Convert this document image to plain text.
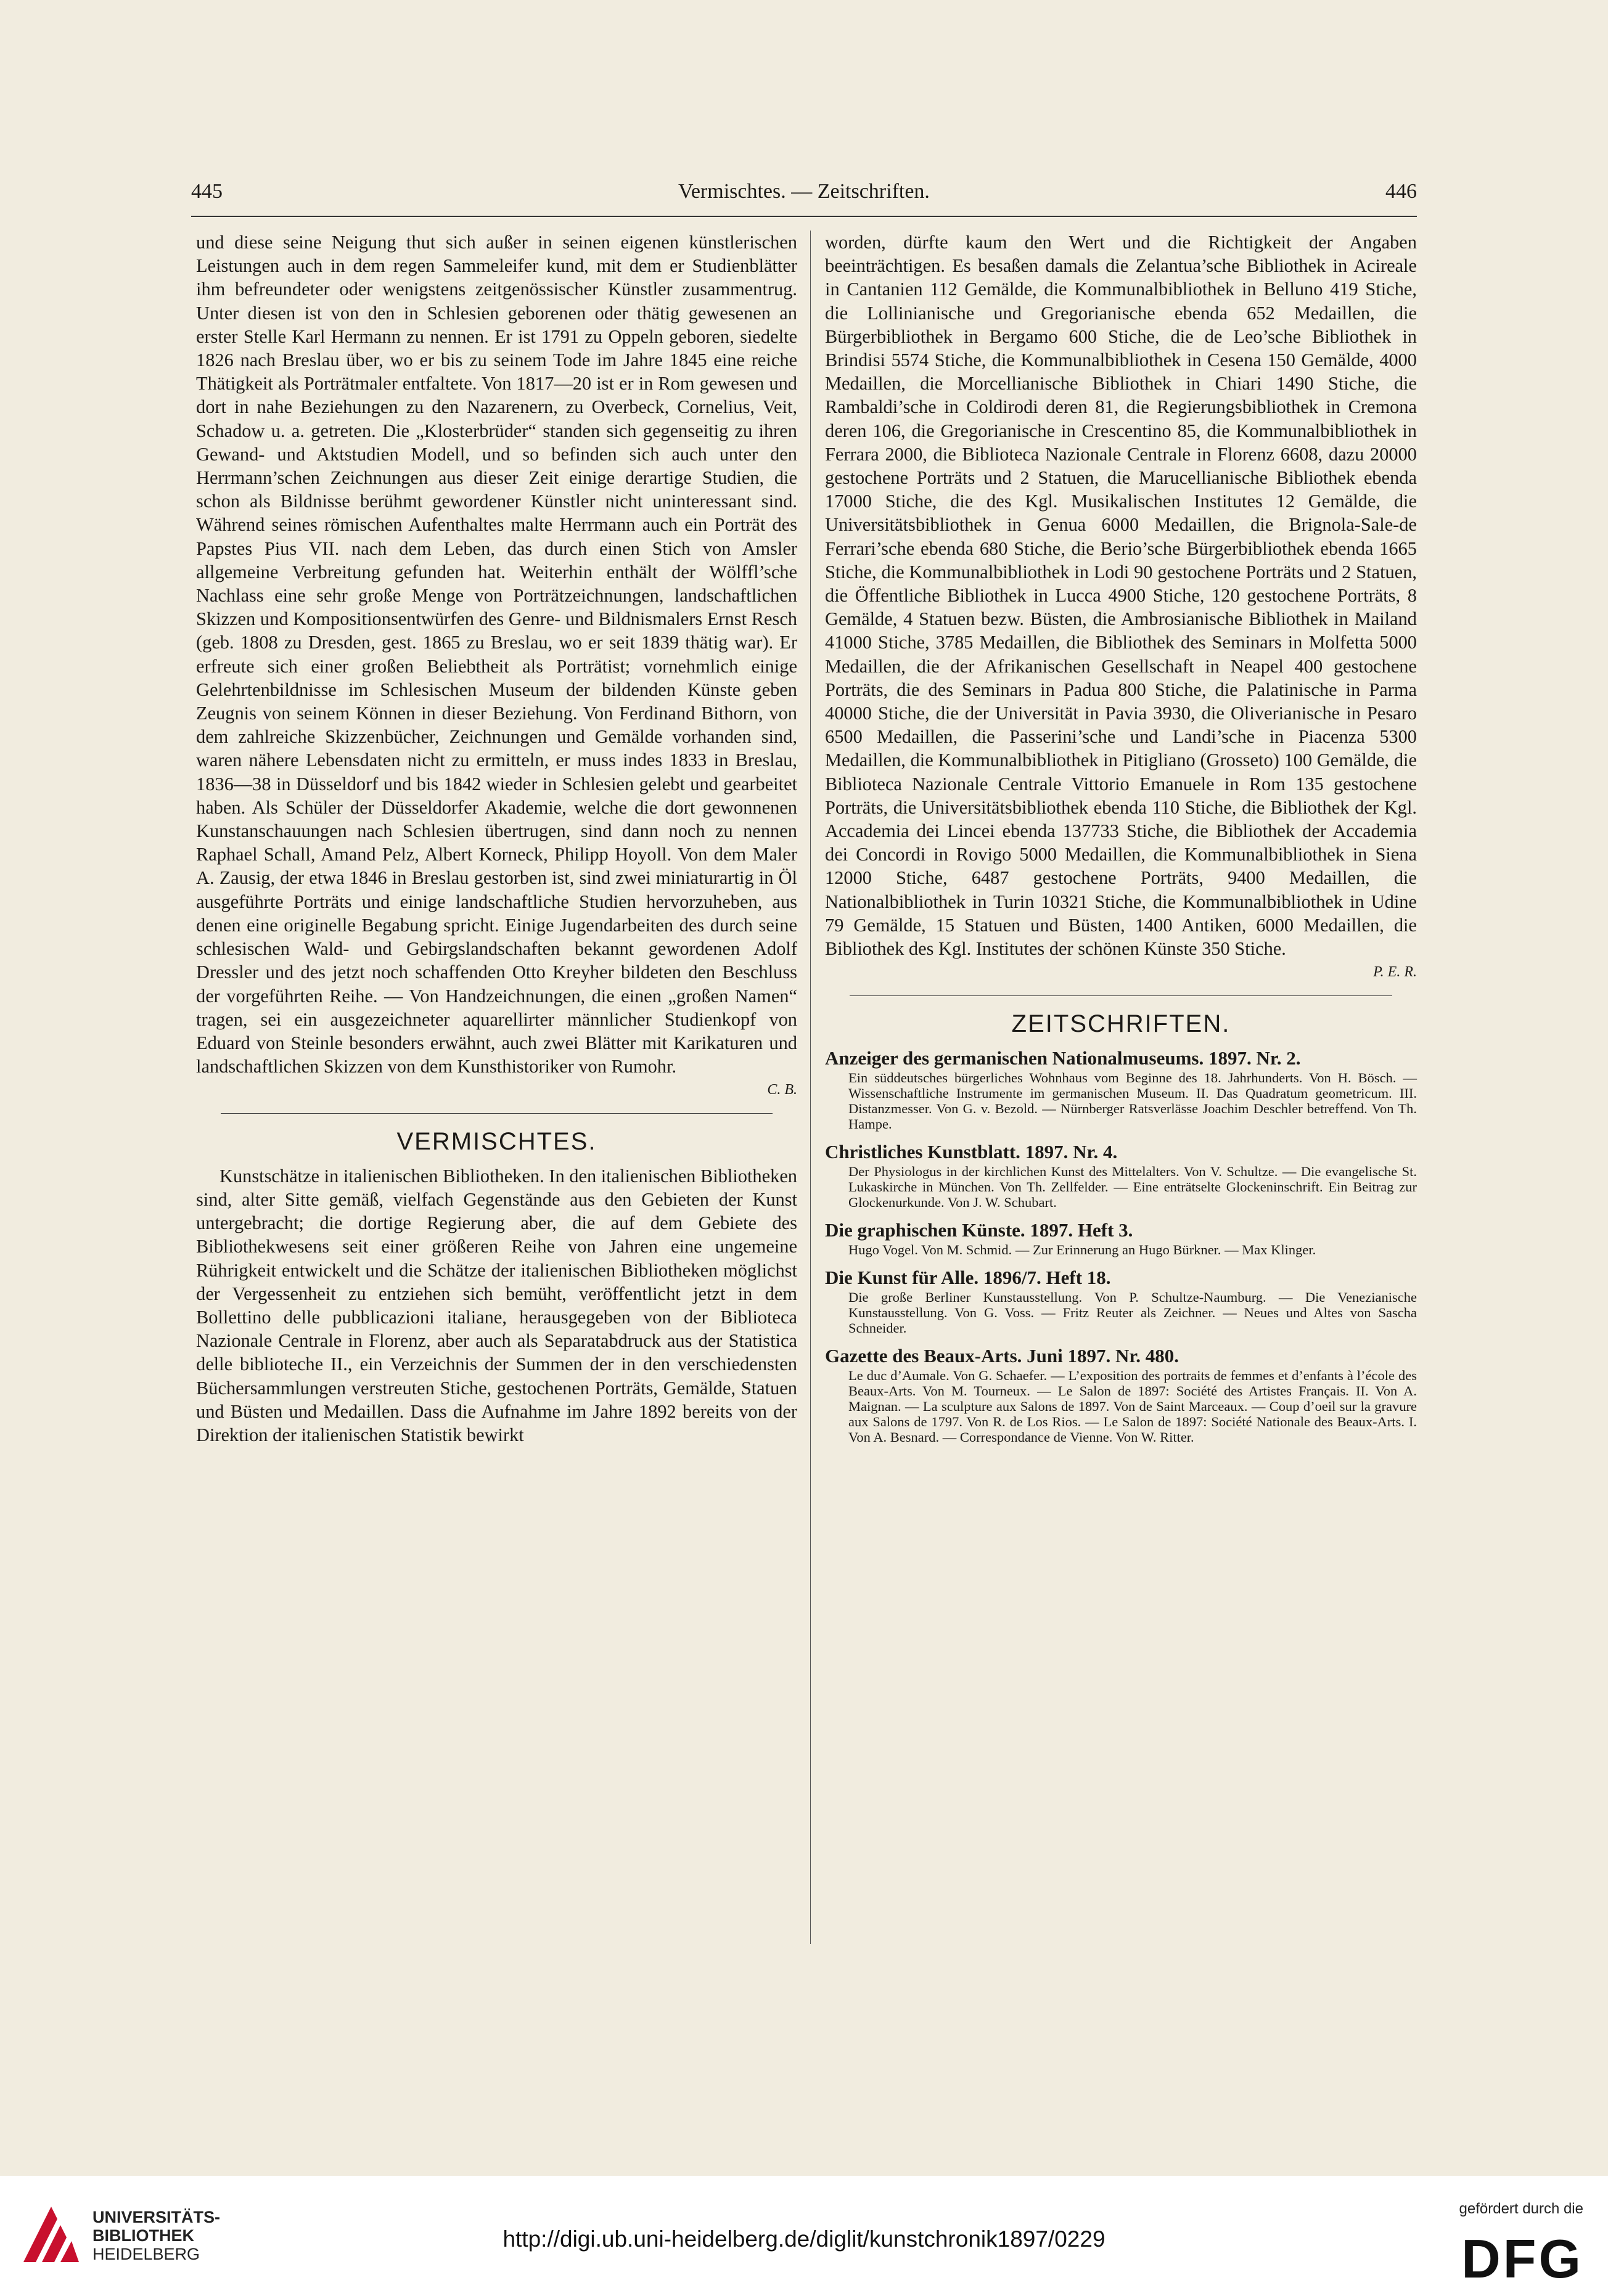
445	Vermischtes. — Zeitschriften.	446

und diese seine Neigung thut sich außer in seinen eigenen künstlerischen Leistungen auch in dem regen Sammeleifer kund, mit dem er Studienblätter ihm befreundeter oder wenigstens zeitgenössischer Künstler zusammentrug. Unter diesen ist von den in Schlesien geborenen oder thätig gewesenen an erster Stelle Karl Hermann zu nennen. Er ist 1791 zu Oppeln geboren, siedelte 1826 nach Breslau über, wo er bis zu seinem Tode im Jahre 1845 eine reiche Thätigkeit als Porträtmaler entfaltete. Von 1817—20 ist er in Rom gewesen und dort in nahe Beziehungen zu den Nazarenern, zu Overbeck, Cornelius, Veit, Schadow u. a. getreten. Die „Klosterbrüder“ standen sich gegenseitig zu ihren Gewand- und Aktstudien Modell, und so befinden sich auch unter den Herrmann’schen Zeichnungen aus dieser Zeit einige derartige Studien, die schon als Bildnisse berühmt gewordener Künstler nicht uninteressant sind. Während seines römischen Aufenthaltes malte Herrmann auch ein Porträt des Papstes Pius VII. nach dem Leben, das durch einen Stich von Amsler allgemeine Verbreitung gefunden hat. Weiterhin enthält der Wölffl’sche Nachlass eine sehr große Menge von Porträtzeichnungen, landschaftlichen Skizzen und Kompositionsentwürfen des Genre- und Bildnismalers Ernst Resch (geb. 1808 zu Dresden, gest. 1865 zu Breslau, wo er seit 1839 thätig war). Er erfreute sich einer großen Beliebtheit als Porträtist; vornehmlich einige Gelehrtenbildnisse im Schlesischen Museum der bildenden Künste geben Zeugnis von seinem Können in dieser Beziehung. Von Ferdinand Bithorn, von dem zahlreiche Skizzenbücher, Zeichnungen und Gemälde vorhanden sind, waren nähere Lebensdaten nicht zu ermitteln, er muss indes 1833 in Breslau, 1836—38 in Düsseldorf und bis 1842 wieder in Schlesien gelebt und gearbeitet haben. Als Schüler der Düsseldorfer Akademie, welche die dort gewonnenen Kunstanschauungen nach Schlesien übertrugen, sind dann noch zu nennen Raphael Schall, Amand Pelz, Albert Korneck, Philipp Hoyoll. Von dem Maler A. Zausig, der etwa 1846 in Breslau gestorben ist, sind zwei miniaturartig in Öl ausgeführte Porträts und einige landschaftliche Studien hervorzuheben, aus denen eine originelle Begabung spricht. Einige Jugendarbeiten des durch seine schlesischen Wald- und Gebirgslandschaften bekannt gewordenen Adolf Dressler und des jetzt noch schaffenden Otto Kreyher bildeten den Beschluss der vorgeführten Reihe. — Von Handzeichnungen, die einen „großen Namen“ tragen, sei ein ausgezeichneter aquarellirter männlicher Studienkopf von Eduard von Steinle besonders erwähnt, auch zwei Blätter mit Karikaturen und landschaftlichen Skizzen von dem Kunsthistoriker von Rumohr.

C. B.
VERMISCHTES.

Kunstschätze in italienischen Bibliotheken. In den italienischen Bibliotheken sind, alter Sitte gemäß, vielfach Gegenstände aus den Gebieten der Kunst untergebracht; die dortige Regierung aber, die auf dem Gebiete des Bibliothekwesens seit einer größeren Reihe von Jahren eine ungemeine Rührigkeit entwickelt und die Schätze der italienischen Bibliotheken möglichst der Vergessenheit zu entziehen sich bemüht, veröffentlicht jetzt in dem Bollettino delle pubblicazioni italiane, herausgegeben von der Biblioteca Nazionale Centrale in Florenz, aber auch als Separatabdruck aus der Statistica delle biblioteche II., ein Verzeichnis der Summen der in den verschiedensten Büchersammlungen verstreuten Stiche, gestochenen Porträts, Gemälde, Statuen und Büsten und Medaillen. Dass die Aufnahme im Jahre 1892 bereits von der Direktion der italienischen Statistik bewirkt

worden, dürfte kaum den Wert und die Richtigkeit der Angaben beeinträchtigen. Es besaßen damals die Zelantua’sche Bibliothek in Acireale in Cantanien 112 Gemälde, die Kommunalbibliothek in Belluno 419 Stiche, die Lollinianische und Gregorianische ebenda 652 Medaillen, die Bürgerbibliothek in Bergamo 600 Stiche, die de Leo’sche Bibliothek in Brindisi 5574 Stiche, die Kommunalbibliothek in Cesena 150 Gemälde, 4000 Medaillen, die Morcellianische Bibliothek in Chiari 1490 Stiche, die Rambaldi’sche in Coldirodi deren 81, die Regierungsbibliothek in Cremona deren 106, die Gregorianische in Crescentino 85, die Kommunalbibliothek in Ferrara 2000, die Biblioteca Nazionale Centrale in Florenz 6608, dazu 20000 gestochene Porträts und 2 Statuen, die Marucellianische Bibliothek ebenda 17000 Stiche, die des Kgl. Musikalischen Institutes 12 Gemälde, die Universitätsbibliothek in Genua 6000 Medaillen, die Brignola-Sale-de Ferrari’sche ebenda 680 Stiche, die Berio’sche Bürgerbibliothek ebenda 1665 Stiche, die Kommunalbibliothek in Lodi 90 gestochene Porträts und 2 Statuen, die Öffentliche Bibliothek in Lucca 4900 Stiche, 120 gestochene Porträts, 8 Gemälde, 4 Statuen bezw. Büsten, die Ambrosianische Bibliothek in Mailand 41000 Stiche, 3785 Medaillen, die Bibliothek des Seminars in Molfetta 5000 Medaillen, die der Afrikanischen Gesellschaft in Neapel 400 gestochene Porträts, die des Seminars in Padua 800 Stiche, die Palatinische in Parma 40000 Stiche, die der Universität in Pavia 3930, die Oliverianische in Pesaro 6500 Medaillen, die Passerini’sche und Landi’sche in Piacenza 5300 Medaillen, die Kommunalbibliothek in Pitigliano (Grosseto) 100 Gemälde, die Biblioteca Nazionale Centrale Vittorio Emanuele in Rom 135 gestochene Porträts, die Universitätsbibliothek ebenda 110 Stiche, die Bibliothek der Kgl. Accademia dei Lincei ebenda 137733 Stiche, die Bibliothek der Accademia dei Concordi in Rovigo 5000 Medaillen, die Kommunalbibliothek in Siena 12000 Stiche, 6487 gestochene Porträts, 9400 Medaillen, die Nationalbibliothek in Turin 10321 Stiche, die Kommunalbibliothek in Udine 79 Gemälde, 15 Statuen und Büsten, 1400 Antiken, 6000 Medaillen, die Bibliothek des Kgl. Institutes der schönen Künste 350 Stiche.

P. E. R.
ZEITSCHRIFTEN.
Anzeiger des germanischen Nationalmuseums. 1897. Nr. 2.
Ein süddeutsches bürgerliches Wohnhaus vom Beginne des 18. Jahrhunderts. Von H. Bösch. — Wissenschaftliche Instrumente im germanischen Museum. II. Das Quadratum geometricum. III. Distanzmesser. Von G. v. Bezold. — Nürnberger Ratsverlässe Joachim Deschler betreffend. Von Th. Hampe.
Christliches Kunstblatt. 1897. Nr. 4.
Der Physiologus in der kirchlichen Kunst des Mittelalters. Von V. Schultze. — Die evangelische St. Lukaskirche in München. Von Th. Zellfelder. — Eine enträtselte Glockeninschrift. Ein Beitrag zur Glockenurkunde. Von J. W. Schubart.
Die graphischen Künste. 1897. Heft 3.
Hugo Vogel. Von M. Schmid. — Zur Erinnerung an Hugo Bürkner. — Max Klinger.
Die Kunst für Alle. 1896/7. Heft 18.
Die große Berliner Kunstausstellung. Von P. Schultze-Naumburg. — Die Venezianische Kunstausstellung. Von G. Voss. — Fritz Reuter als Zeichner. — Neues und Altes von Sascha Schneider.
Gazette des Beaux-Arts. Juni 1897. Nr. 480.
Le duc d’Aumale. Von G. Schaefer. — L’exposition des portraits de femmes et d’enfants à l’école des Beaux-Arts. Von M. Tourneux. — Le Salon de 1897: Société des Artistes Français. II. Von A. Maignan. — La sculpture aux Salons de 1897. Von de Saint Marceaux. — Coup d’oeil sur la gravure aux Salons de 1797. Von R. de Los Rios. — Le Salon de 1897: Société Nationale des Beaux-Arts. I. Von A. Besnard. — Correspondance de Vienne. Von W. Ritter.
UNIVERSITÄTS-
BIBLIOTHEK
HEIDELBERG
http://digi.ub.uni-heidelberg.de/diglit/kunstchronik1897/0229
gefördert durch die
DFG
